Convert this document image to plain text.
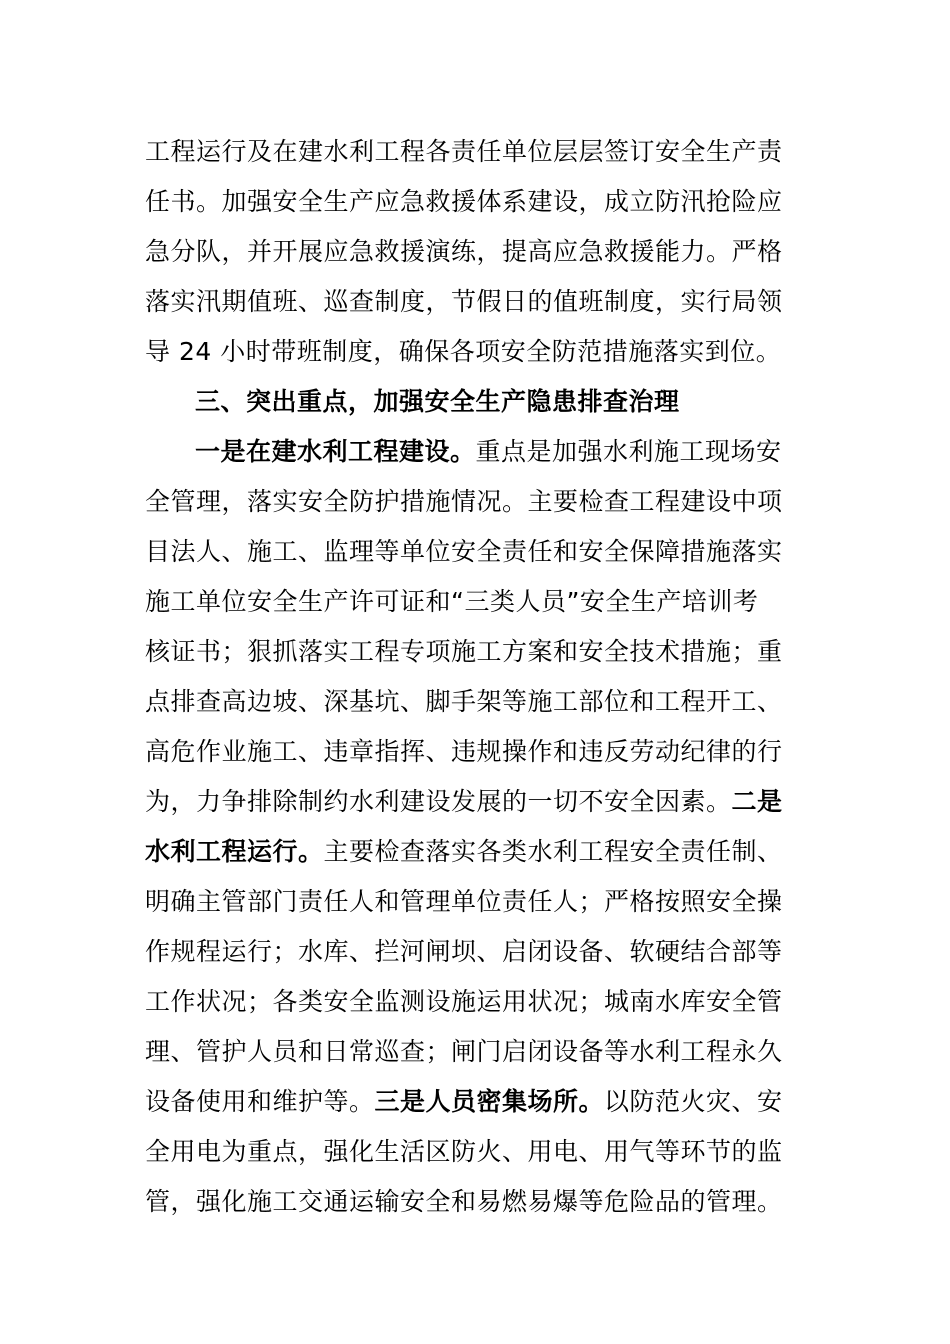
工程运行及在建水利工程各责任单位层层签订安全生产责
任书。加强安全生产应急救援体系建设，成立防汛抢险应
急分队，并开展应急救援演练，提高应急救援能力。严格
落实汛期值班、巡查制度，节假日的值班制度，实行局领
导 24 小时带班制度，确保各项安全防范措施落实到位。
三、突出重点，加强安全生产隐患排查治理
一是在建水利工程建设。重点是加强水利施工现场安
全管理，落实安全防护措施情况。主要检查工程建设中项
目法人、施工、监理等单位安全责任和安全保障措施落实
施工单位安全生产许可证和“三类人员”安全生产培训考
核证书；狠抓落实工程专项施工方案和安全技术措施；重
点排查高边坡、深基坑、脚手架等施工部位和工程开工、
高危作业施工、违章指挥、违规操作和违反劳动纪律的行
为，力争排除制约水利建设发展的一切不安全因素。二是
水利工程运行。主要检查落实各类水利工程安全责任制、
明确主管部门责任人和管理单位责任人；严格按照安全操
作规程运行；水库、拦河闸坝、启闭设备、软硬结合部等
工作状况；各类安全监测设施运用状况；城南水库安全管
理、管护人员和日常巡查；闸门启闭设备等水利工程永久
设备使用和维护等。三是人员密集场所。以防范火灾、安
全用电为重点，强化生活区防火、用电、用气等环节的监
管，强化施工交通运输安全和易燃易爆等危险品的管理。
